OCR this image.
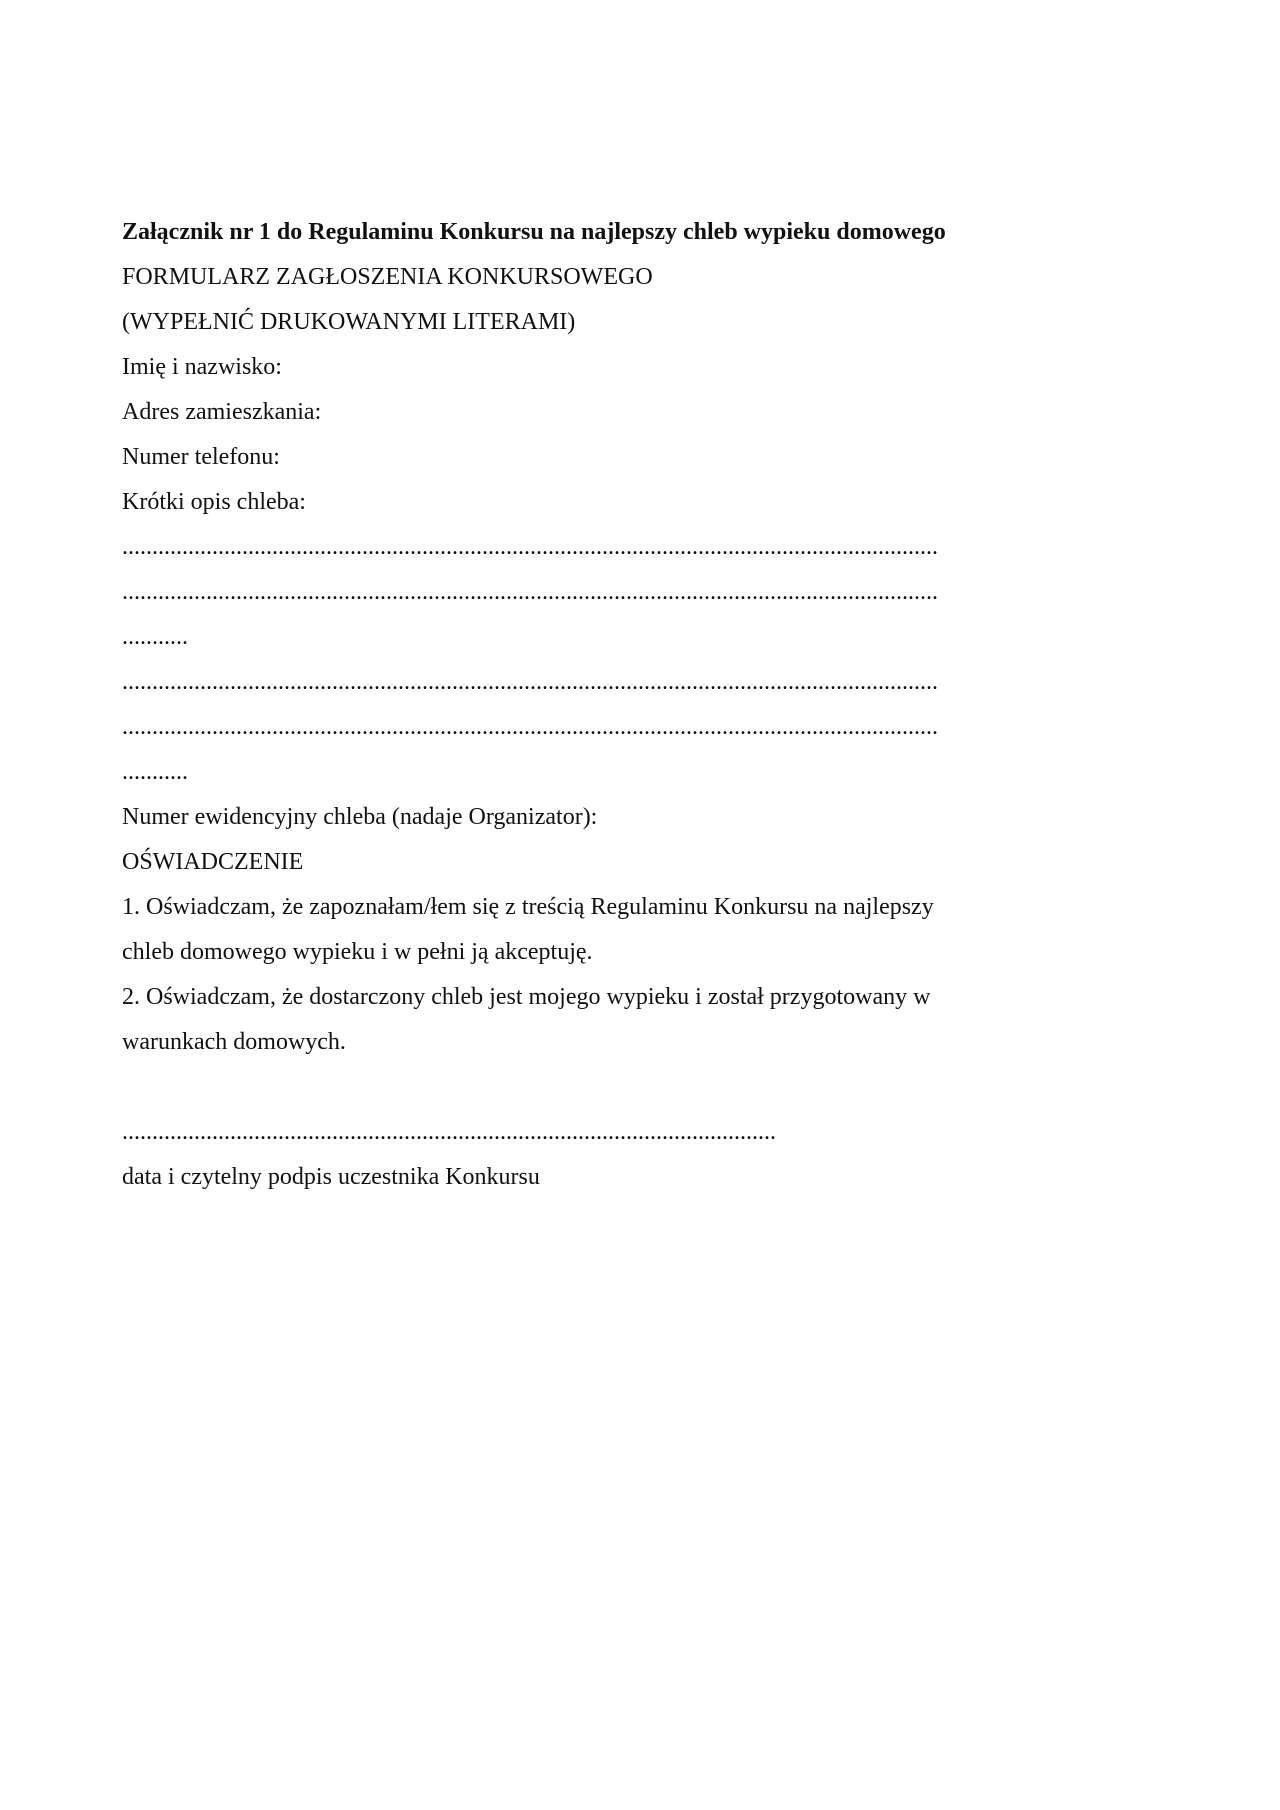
Załącznik nr 1 do Regulaminu Konkursu na najlepszy chleb wypieku domowego
FORMULARZ ZAGŁOSZENIA KONKURSOWEGO
(WYPEŁNIĆ DRUKOWANYMI LITERAMI)
Imię i nazwisko:
Adres zamieszkania:
Numer telefonu:
Krótki opis chleba:
........................................................................................................................................
........................................................................................................................................
...........
........................................................................................................................................
........................................................................................................................................
...........
Numer ewidencyjny chleba (nadaje Organizator):
OŚWIADCZENIE
1. Oświadczam, że zapoznałam/łem się z treścią Regulaminu Konkursu na najlepszy
chleb domowego wypieku i w pełni ją akceptuję.
2. Oświadczam, że dostarczony chleb jest mojego wypieku i został przygotowany w
warunkach domowych.
.............................................................................................................
data i czytelny podpis uczestnika Konkursu
